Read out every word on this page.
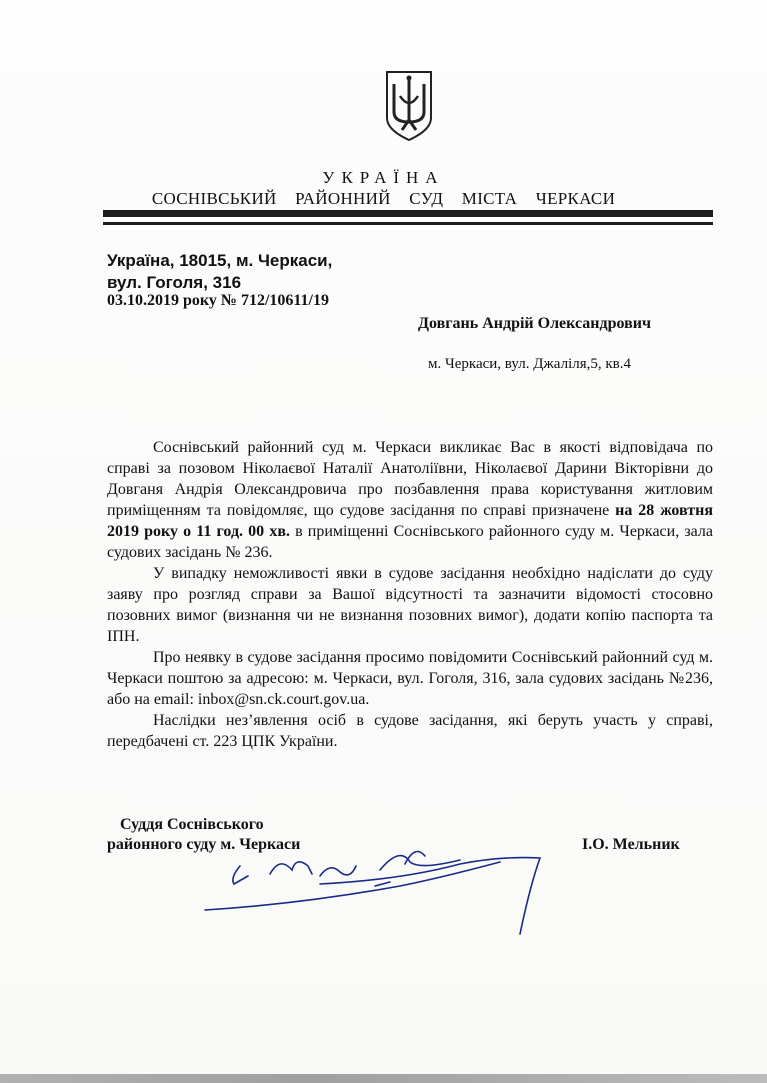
УКРАЇНА
СОСНІВСЬКИЙ РАЙОННИЙ СУД МІСТА ЧЕРКАСИ
Україна, 18015, м. Черкаси,
вул. Гоголя, 316
03.10.2019 року № 712/10611/19
Довгань Андрій Олександрович
м. Черкаси, вул. Джаліля,5, кв.4

Соснівський районний суд м. Черкаси викликає Вас в якості відповідача по справі за позовом Ніколаєвої Наталії Анатоліївни, Ніколаєвої Дарини Вікторівни до Довганя Андрія Олександровича про позбавлення права користування житловим приміщенням та повідомляє, що судове засідання по справі призначене на 28 жовтня 2019 року о 11 год. 00 хв. в приміщенні Соснівського районного суду м. Черкаси, зала судових засідань № 236.

У випадку неможливості явки в судове засідання необхідно надіслати до суду заяву про розгляд справи за Вашої відсутності та зазначити відомості стосовно позовних вимог (визнання чи не визнання позовних вимог), додати копію паспорта та ІПН.

Про неявку в судове засідання просимо повідомити Соснівський районний суд м. Черкаси поштою за адресою: м. Черкаси, вул. Гоголя, 316, зала судових засідань №236, або на email: inbox@sn.ck.court.gov.ua.

Наслідки нез’явлення осіб в судове засідання, які беруть участь у справі, передбачені ст. 223 ЦПК України.

Суддя Соснівського
районного суду м. Черкаси	І.О. Мельник
